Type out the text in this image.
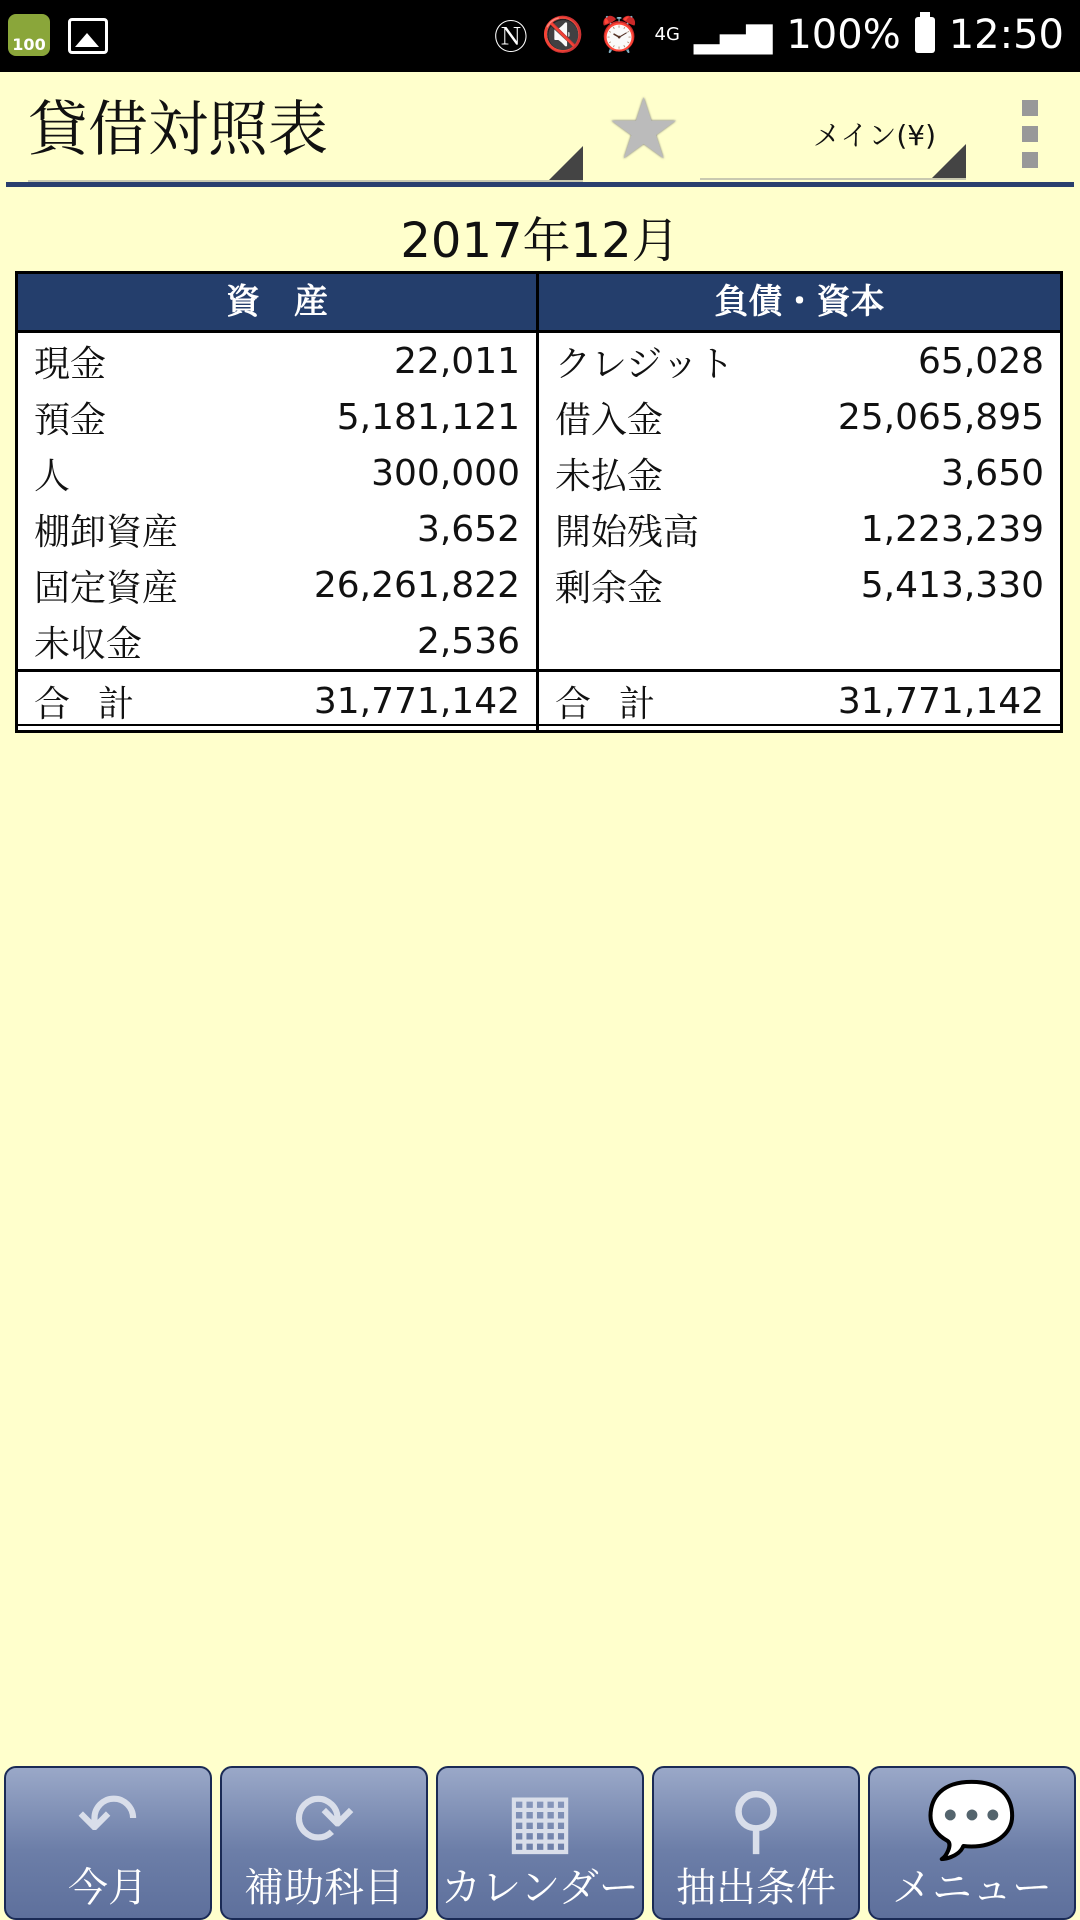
100	Ⓝ 🔇 ⏰ 4G ▂▄▆ 100% 12:50
貸借対照表	★	メイン(¥)
2017年12月
資　産
現金	22,011
預金	5,181,121
人	300,000
棚卸資産	3,652
固定資産	26,261,822
未収金	2,536
負債・資本
クレジット	65,028
借入金	25,065,895
未払金	3,650
開始残高	1,223,239
剰余金	5,413,330
合計	31,771,142 合計	31,771,142
↶
今月
⟳
補助科目
▦
カレンダー
⚲
抽出条件
💬
メニュー
